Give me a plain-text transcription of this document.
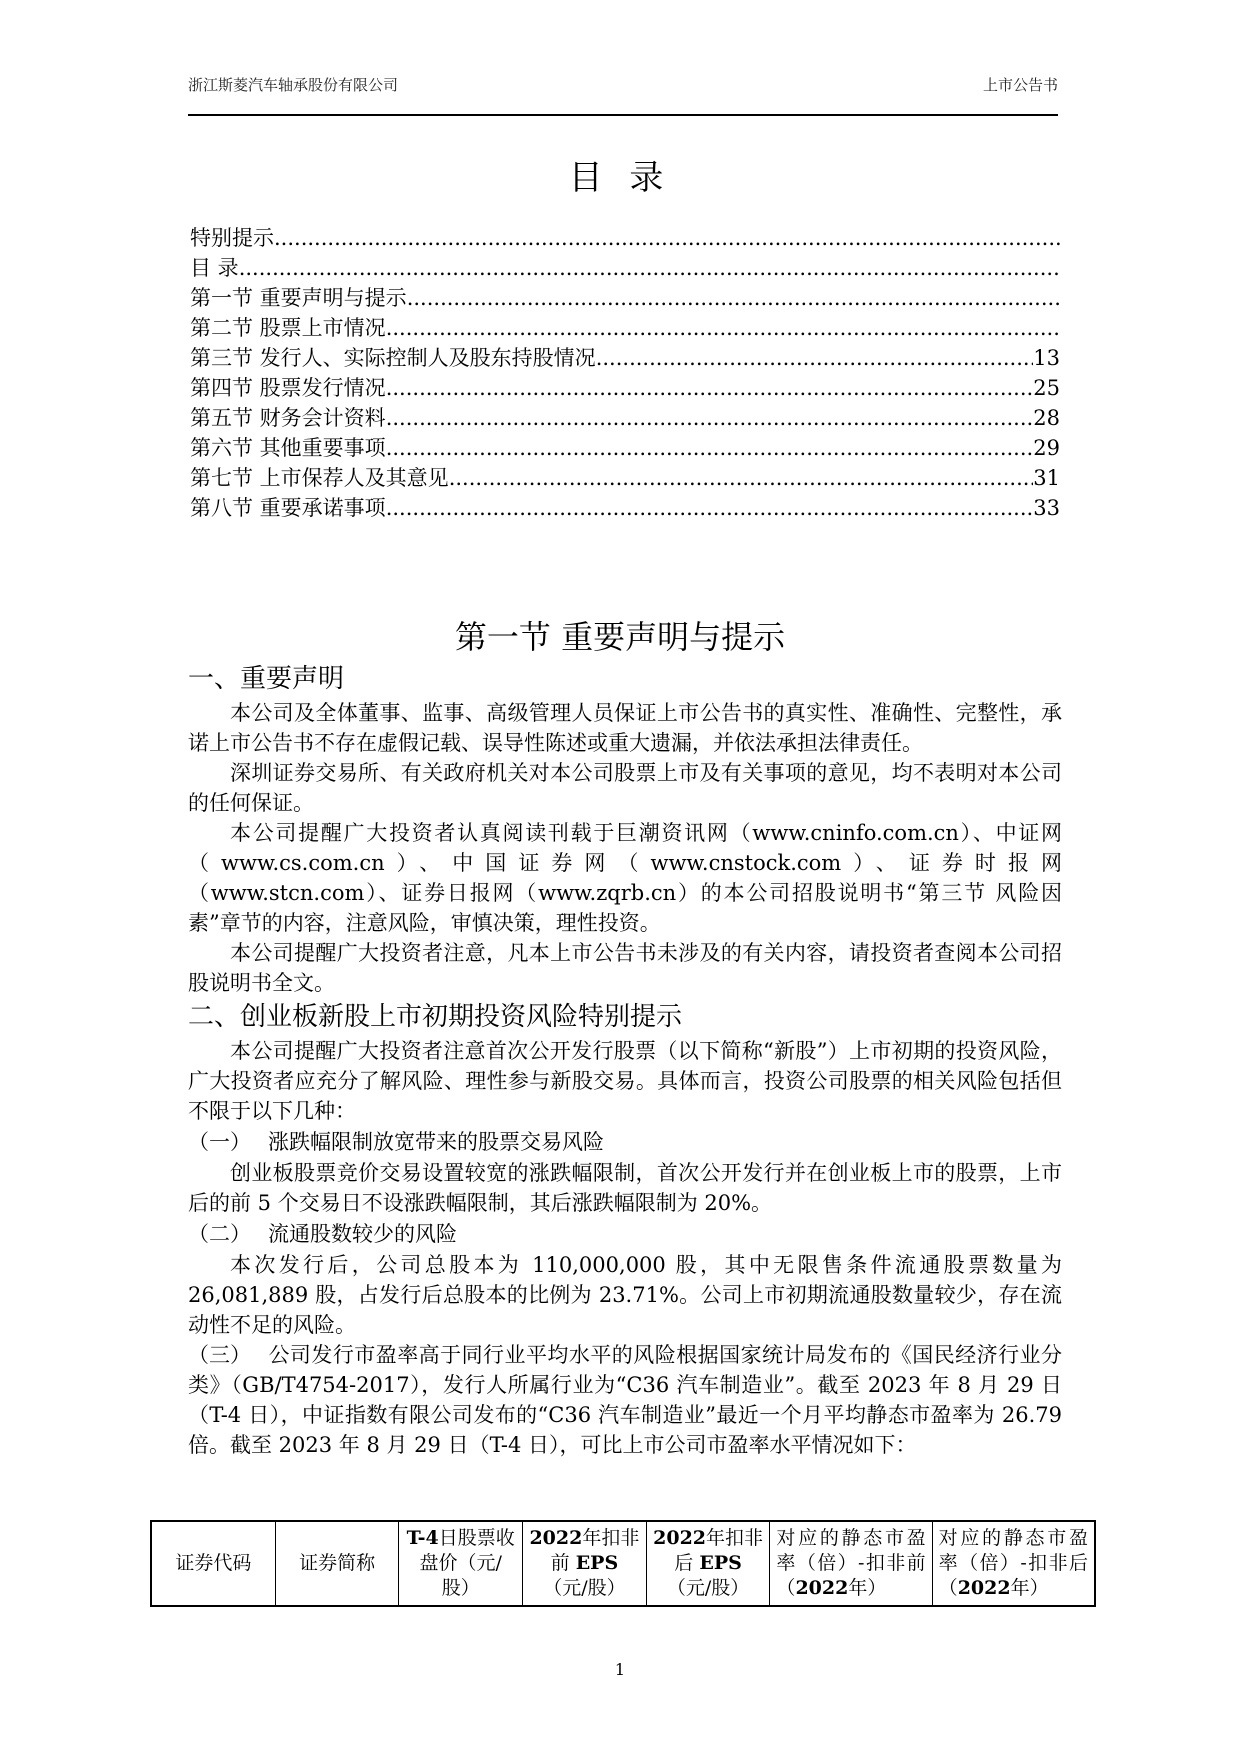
浙江斯菱汽车轴承股份有限公司	上市公告书
目 录
特别提示
.....
目 录
.....
第一节 重要声明与提示
.....
第二节 股票上市情况
.....
第三节 发行人、实际控制人及股东持股情况 .....	13
第四节 股票发行情况 .....	25
第五节 财务会计资料 .....	28
第六节 其他重要事项 .....	29
第七节 上市保荐人及其意见 .....	31
第八节 重要承诺事项 .....	33
第一节 重要声明与提示

一、重要声明

本公司及全体董事、监事、高级管理人员保证上市公告书的真实性、准确性、完整性，承诺上市公告书不存在虚假记载、误导性陈述或重大遗漏，并依法承担法律责任。

深圳证券交易所、有关政府机关对本公司股票上市及有关事项的意见，均不表明对本公司的任何保证。

本公司提醒广大投资者认真阅读刊载于巨潮资讯网（www.cninfo.com.cn）、中证网（www.cs.com.cn）、中国证券网（www.cnstock.com）、证券时报网（www.stcn.com）、证券日报网（www.zqrb.cn）的本公司招股说明书“第三节 风险因素”章节的内容，注意风险，审慎决策，理性投资。

本公司提醒广大投资者注意，凡本上市公告书未涉及的有关内容，请投资者查阅本公司招股说明书全文。

二、创业板新股上市初期投资风险特别提示

本公司提醒广大投资者注意首次公开发行股票（以下简称“新股”）上市初期的投资风险，广大投资者应充分了解风险、理性参与新股交易。具体而言，投资公司股票的相关风险包括但不限于以下几种：

（一） 涨跌幅限制放宽带来的股票交易风险

创业板股票竞价交易设置较宽的涨跌幅限制，首次公开发行并在创业板上市的股票，上市后的前 5 个交易日不设涨跌幅限制，其后涨跌幅限制为 20%。

（二） 流通股数较少的风险

本次发行后，公司总股本为 110,000,000 股，其中无限售条件流通股票数量为 26,081,889 股，占发行后总股本的比例为 23.71%。公司上市初期流通股数量较少，存在流动性不足的风险。

（三） 公司发行市盈率高于同行业平均水平的风险根据国家统计局发布的《国民经济行业分类》（GB/T4754-2017），发行人所属行业为“C36 汽车制造业”。截至 2023 年 8 月 29 日（T-4 日），中证指数有限公司发布的“C36 汽车制造业”最近一个月平均静态市盈率为 26.79 倍。截至 2023 年 8 月 29 日（T-4 日），可比上市公司市盈率水平情况如下：

证券代码	证券简称	T-4日股票收盘价（元/股）	2022年扣非前 EPS（元/股）	2022年扣非后 EPS（元/股）	对应的静态市盈率（倍）-扣非前（2022年）	对应的静态市盈率（倍）-扣非后（2022年）
1
